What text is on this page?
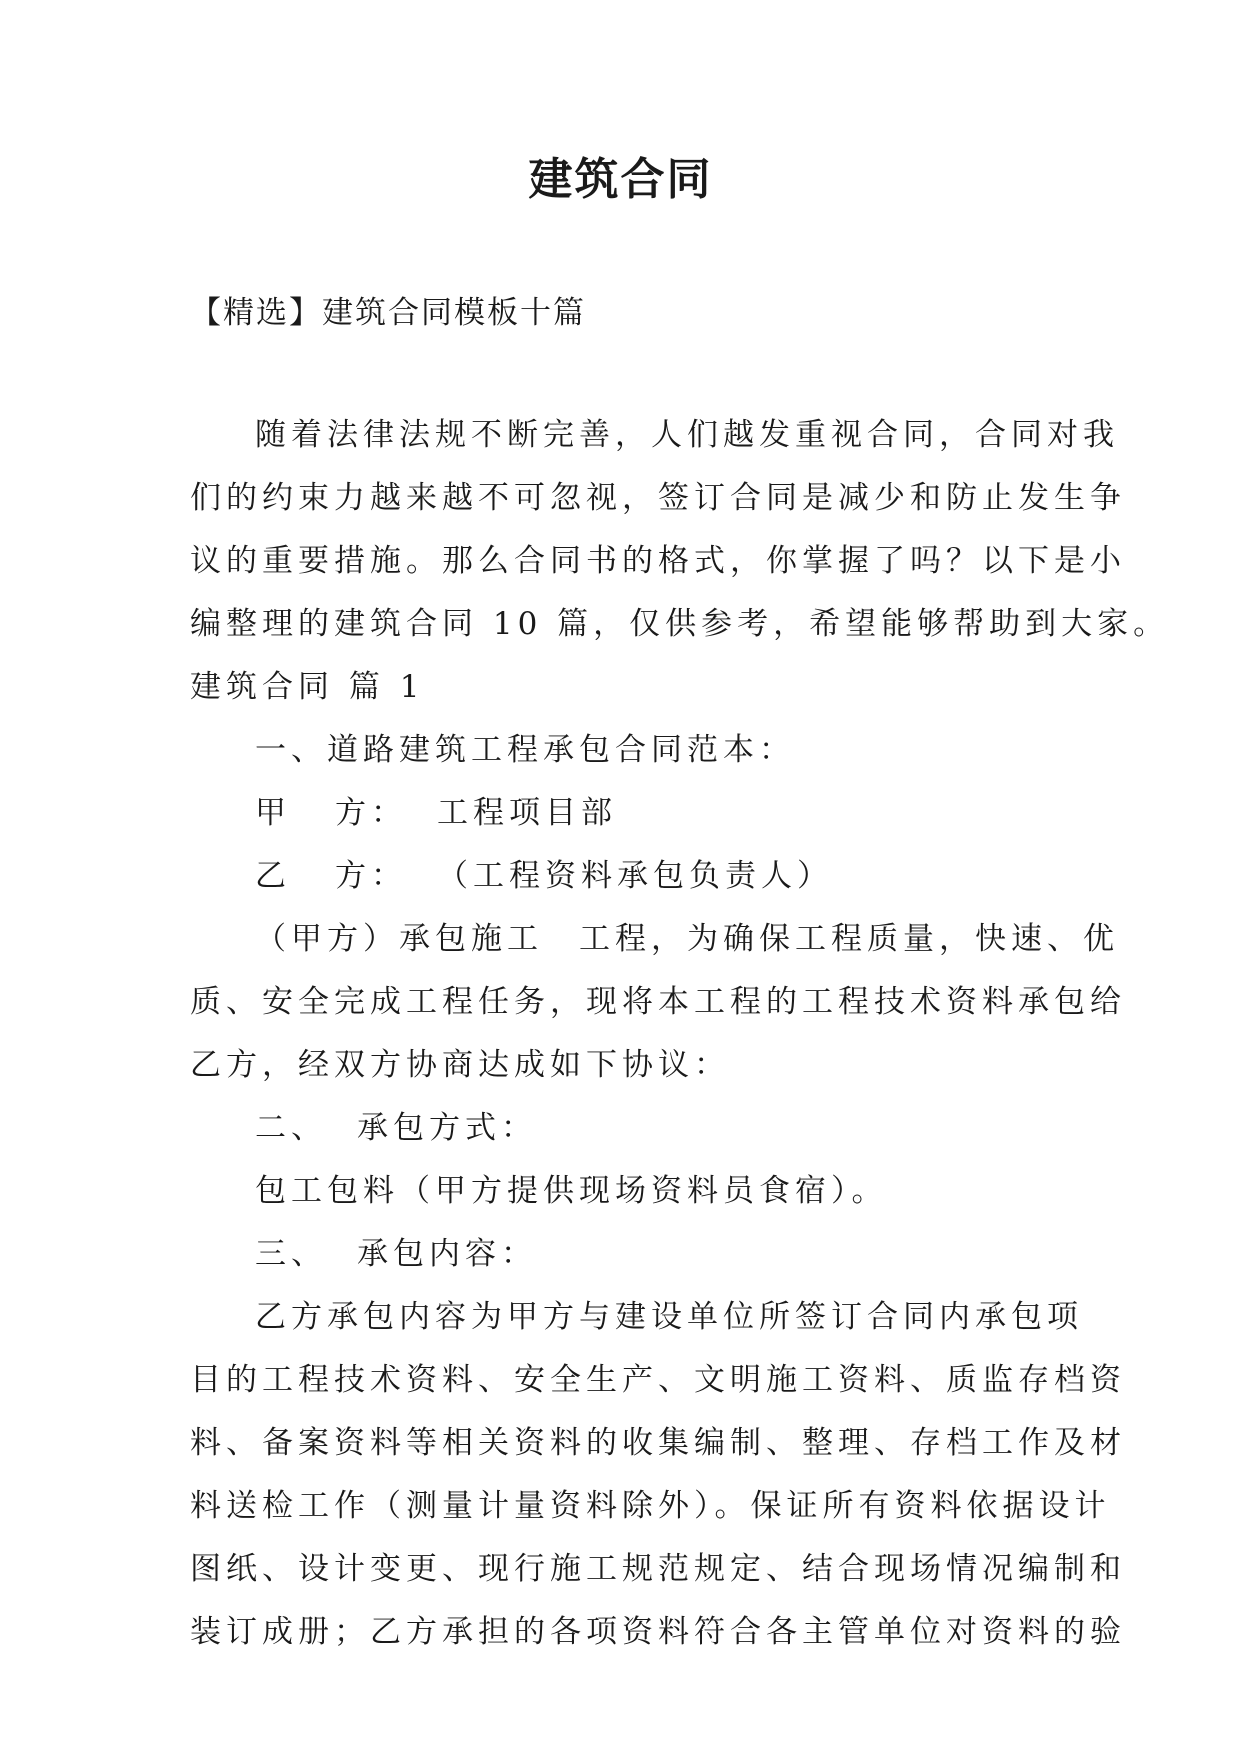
建筑合同

【精选】建筑合同模板十篇

随着法律法规不断完善，人们越发重视合同，合同对我

们的约束力越来越不可忽视，签订合同是减少和防止发生争

议的重要措施。那么合同书的格式，你掌握了吗？以下是小

编整理的建筑合同 10 篇，仅供参考，希望能够帮助到大家。

建筑合同 篇 1

一、道路建筑工程承包合同范本：

甲 方： 工程项目部

乙 方： （工程资料承包负责人）

（甲方）承包施工　工程，为确保工程质量，快速、优

质、安全完成工程任务，现将本工程的工程技术资料承包给

乙方，经双方协商达成如下协议：

二、 承包方式：

包工包料（甲方提供现场资料员食宿）。

三、 承包内容：

乙方承包内容为甲方与建设单位所签订合同内承包项

目的工程技术资料、安全生产、文明施工资料、质监存档资

料、备案资料等相关资料的收集编制、整理、存档工作及材

料送检工作（测量计量资料除外）。保证所有资料依据设计

图纸、设计变更、现行施工规范规定、结合现场情况编制和

装订成册；乙方承担的各项资料符合各主管单位对资料的验
